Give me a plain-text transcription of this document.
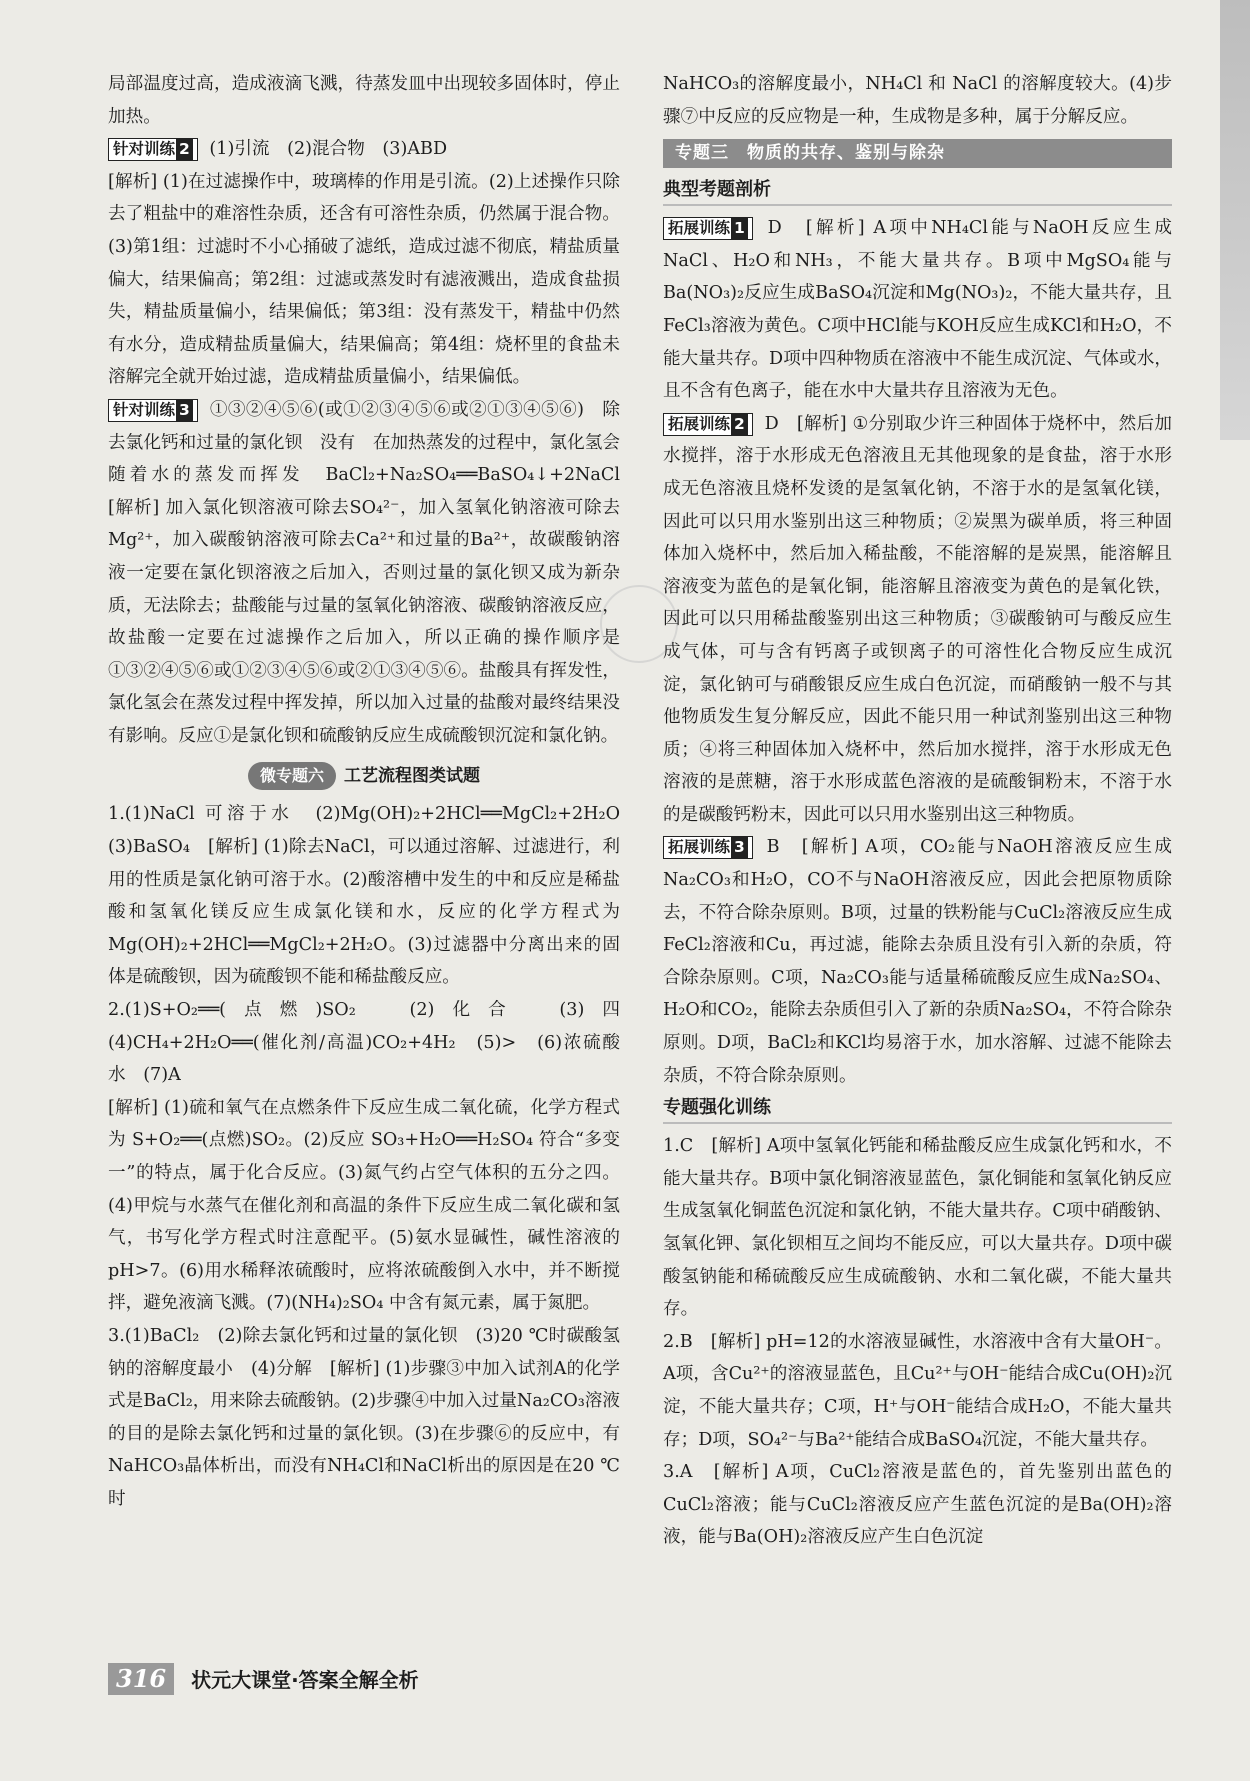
局部温度过高，造成液滴飞溅，待蒸发皿中出现较多固体时，停止加热。

针对训练 2 (1)引流　(2)混合物　(3)ABD

[解析] (1)在过滤操作中，玻璃棒的作用是引流。(2)上述操作只除去了粗盐中的难溶性杂质，还含有可溶性杂质，仍然属于混合物。(3)第1组：过滤时不小心捅破了滤纸，造成过滤不彻底，精盐质量偏大，结果偏高；第2组：过滤或蒸发时有滤液溅出，造成食盐损失，精盐质量偏小，结果偏低；第3组：没有蒸发干，精盐中仍然有水分，造成精盐质量偏大，结果偏高；第4组：烧杯里的食盐未溶解完全就开始过滤，造成精盐质量偏小，结果偏低。

针对训练 3 ①③②④⑤⑥(或①②③④⑤⑥或②①③④⑤⑥)　除去氯化钙和过量的氯化钡　没有　在加热蒸发的过程中，氯化氢会随着水的蒸发而挥发　BaCl₂+Na₂SO₄══BaSO₄↓+2NaCl　[解析] 加入氯化钡溶液可除去SO₄²⁻，加入氢氧化钠溶液可除去Mg²⁺，加入碳酸钠溶液可除去Ca²⁺和过量的Ba²⁺，故碳酸钠溶液一定要在氯化钡溶液之后加入，否则过量的氯化钡又成为新杂质，无法除去；盐酸能与过量的氢氧化钠溶液、碳酸钠溶液反应，故盐酸一定要在过滤操作之后加入，所以正确的操作顺序是①③②④⑤⑥或①②③④⑤⑥或②①③④⑤⑥。盐酸具有挥发性，氯化氢会在蒸发过程中挥发掉，所以加入过量的盐酸对最终结果没有影响。反应①是氯化钡和硫酸钠反应生成硫酸钡沉淀和氯化钠。

微专题六 工艺流程图类试题

1.(1)NaCl 可溶于水　(2)Mg(OH)₂+2HCl══MgCl₂+2H₂O　(3)BaSO₄　[解析] (1)除去NaCl，可以通过溶解、过滤进行，利用的性质是氯化钠可溶于水。(2)酸溶槽中发生的中和反应是稀盐酸和氢氧化镁反应生成氯化镁和水，反应的化学方程式为 Mg(OH)₂+2HCl══MgCl₂+2H₂O。(3)过滤器中分离出来的固体是硫酸钡，因为硫酸钡不能和稀盐酸反应。

2.(1)S+O₂══(点燃)SO₂　(2)化合　(3)四　(4)CH₄+2H₂O══(催化剂/高温)CO₂+4H₂　(5)>　(6)浓硫酸　水　(7)A

[解析] (1)硫和氧气在点燃条件下反应生成二氧化硫，化学方程式为 S+O₂══(点燃)SO₂。(2)反应 SO₃+H₂O══H₂SO₄ 符合“多变一”的特点，属于化合反应。(3)氮气约占空气体积的五分之四。(4)甲烷与水蒸气在催化剂和高温的条件下反应生成二氧化碳和氢气，书写化学方程式时注意配平。(5)氨水显碱性，碱性溶液的 pH>7。(6)用水稀释浓硫酸时，应将浓硫酸倒入水中，并不断搅拌，避免液滴飞溅。(7)(NH₄)₂SO₄ 中含有氮元素，属于氮肥。

3.(1)BaCl₂　(2)除去氯化钙和过量的氯化钡　(3)20 ℃时碳酸氢钠的溶解度最小　(4)分解　[解析] (1)步骤③中加入试剂A的化学式是BaCl₂，用来除去硫酸钠。(2)步骤④中加入过量Na₂CO₃溶液的目的是除去氯化钙和过量的氯化钡。(3)在步骤⑥的反应中，有NaHCO₃晶体析出，而没有NH₄Cl和NaCl析出的原因是在20 ℃时

NaHCO₃的溶解度最小，NH₄Cl 和 NaCl 的溶解度较大。(4)步骤⑦中反应的反应物是一种，生成物是多种，属于分解反应。

专题三　物质的共存、鉴别与除杂
典型考题剖析

拓展训练 1 D　[解析] A项中NH₄Cl能与NaOH反应生成NaCl、H₂O和NH₃，不能大量共存。B项中MgSO₄能与Ba(NO₃)₂反应生成BaSO₄沉淀和Mg(NO₃)₂，不能大量共存，且FeCl₃溶液为黄色。C项中HCl能与KOH反应生成KCl和H₂O，不能大量共存。D项中四种物质在溶液中不能生成沉淀、气体或水，且不含有色离子，能在水中大量共存且溶液为无色。

拓展训练 2 D　[解析] ①分别取少许三种固体于烧杯中，然后加水搅拌，溶于水形成无色溶液且无其他现象的是食盐，溶于水形成无色溶液且烧杯发烫的是氢氧化钠，不溶于水的是氢氧化镁，因此可以只用水鉴别出这三种物质；②炭黑为碳单质，将三种固体加入烧杯中，然后加入稀盐酸，不能溶解的是炭黑，能溶解且溶液变为蓝色的是氧化铜，能溶解且溶液变为黄色的是氧化铁，因此可以只用稀盐酸鉴别出这三种物质；③碳酸钠可与酸反应生成气体，可与含有钙离子或钡离子的可溶性化合物反应生成沉淀，氯化钠可与硝酸银反应生成白色沉淀，而硝酸钠一般不与其他物质发生复分解反应，因此不能只用一种试剂鉴别出这三种物质；④将三种固体加入烧杯中，然后加水搅拌，溶于水形成无色溶液的是蔗糖，溶于水形成蓝色溶液的是硫酸铜粉末，不溶于水的是碳酸钙粉末，因此可以只用水鉴别出这三种物质。

拓展训练 3 B　[解析] A项，CO₂能与NaOH溶液反应生成Na₂CO₃和H₂O，CO不与NaOH溶液反应，因此会把原物质除去，不符合除杂原则。B项，过量的铁粉能与CuCl₂溶液反应生成FeCl₂溶液和Cu，再过滤，能除去杂质且没有引入新的杂质，符合除杂原则。C项，Na₂CO₃能与适量稀硫酸反应生成Na₂SO₄、H₂O和CO₂，能除去杂质但引入了新的杂质Na₂SO₄，不符合除杂原则。D项，BaCl₂和KCl均易溶于水，加水溶解、过滤不能除去杂质，不符合除杂原则。

专题强化训练

1.C　[解析] A项中氢氧化钙能和稀盐酸反应生成氯化钙和水，不能大量共存。B项中氯化铜溶液显蓝色，氯化铜能和氢氧化钠反应生成氢氧化铜蓝色沉淀和氯化钠，不能大量共存。C项中硝酸钠、氢氧化钾、氯化钡相互之间均不能反应，可以大量共存。D项中碳酸氢钠能和稀硫酸反应生成硫酸钠、水和二氧化碳，不能大量共存。

2.B　[解析] pH=12的水溶液显碱性，水溶液中含有大量OH⁻。A项，含Cu²⁺的溶液显蓝色，且Cu²⁺与OH⁻能结合成Cu(OH)₂沉淀，不能大量共存；C项，H⁺与OH⁻能结合成H₂O，不能大量共存；D项，SO₄²⁻与Ba²⁺能结合成BaSO₄沉淀，不能大量共存。

3.A　[解析] A项，CuCl₂溶液是蓝色的，首先鉴别出蓝色的CuCl₂溶液；能与CuCl₂溶液反应产生蓝色沉淀的是Ba(OH)₂溶液，能与Ba(OH)₂溶液反应产生白色沉淀

316 状元大课堂·答案全解全析
